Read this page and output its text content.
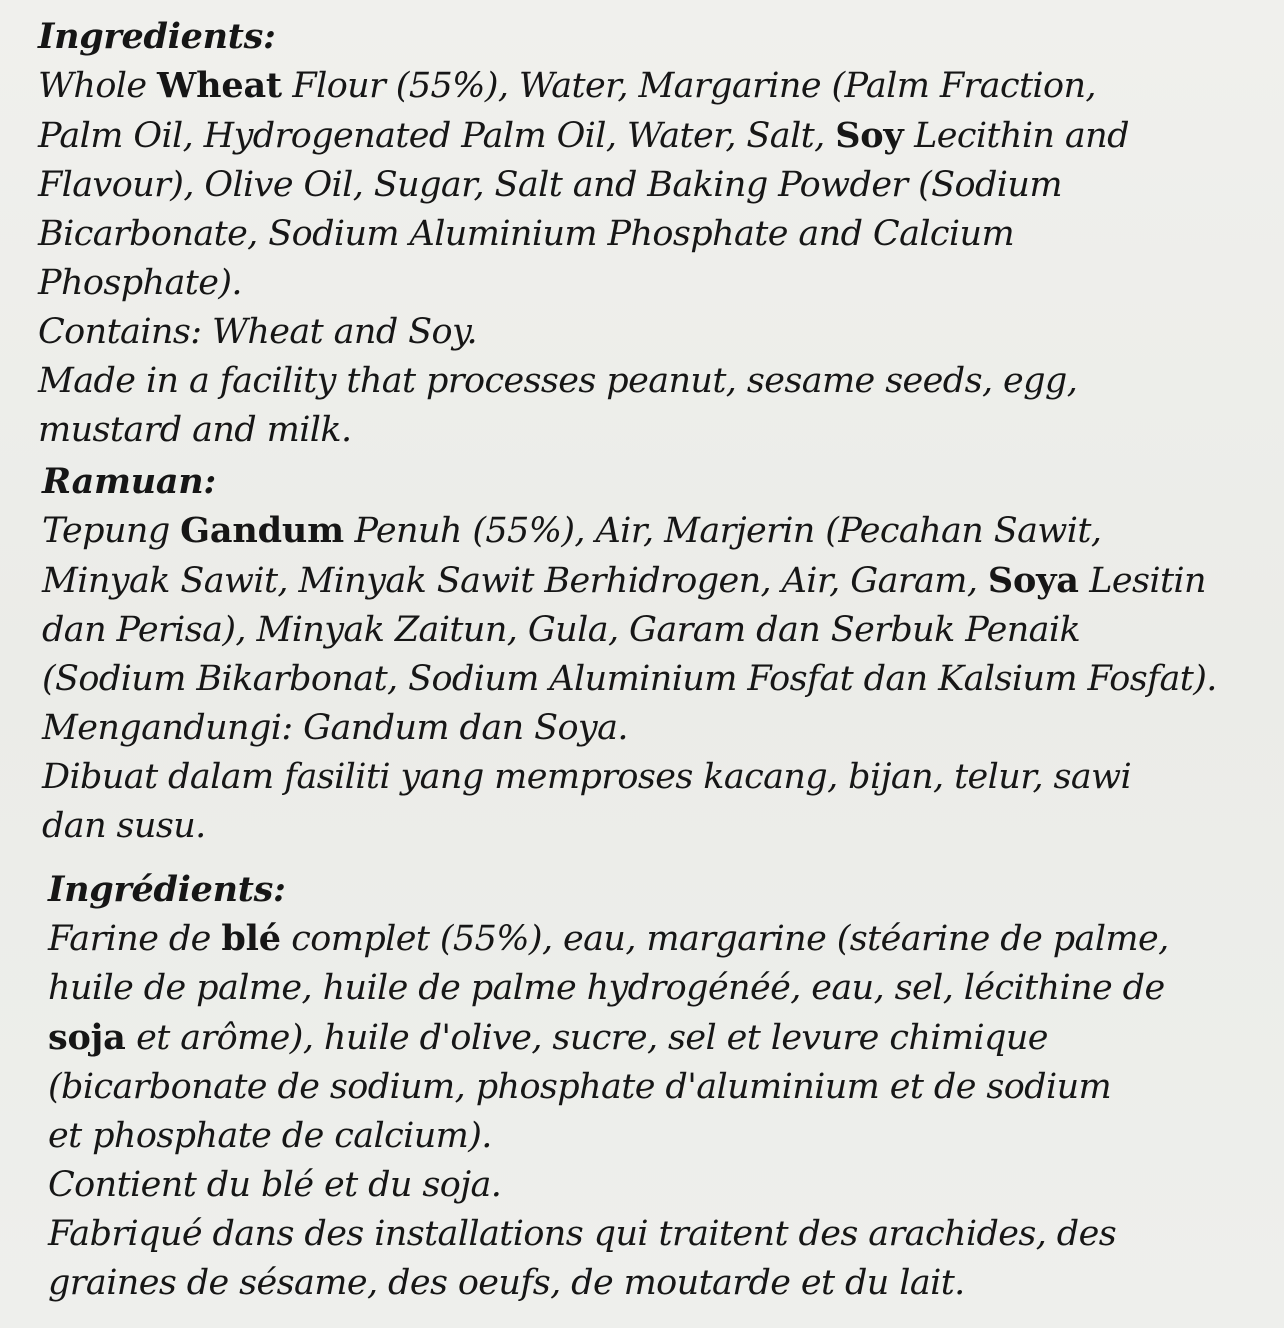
Ingredients:
Whole Wheat Flour (55%), Water, Margarine (Palm Fraction,
Palm Oil, Hydrogenated Palm Oil, Water, Salt, Soy Lecithin and
Flavour), Olive Oil, Sugar, Salt and Baking Powder (Sodium
Bicarbonate, Sodium Aluminium Phosphate and Calcium
Phosphate).
Contains: Wheat and Soy.
Made in a facility that processes peanut, sesame seeds, egg,
mustard and milk.
Ramuan:
Tepung Gandum Penuh (55%), Air, Marjerin (Pecahan Sawit,
Minyak Sawit, Minyak Sawit Berhidrogen, Air, Garam, Soya Lesitin
dan Perisa), Minyak Zaitun, Gula, Garam dan Serbuk Penaik
(Sodium Bikarbonat, Sodium Aluminium Fosfat dan Kalsium Fosfat).
Mengandungi: Gandum dan Soya.
Dibuat dalam fasiliti yang memproses kacang, bijan, telur, sawi
dan susu.
Ingrédients:
Farine de blé complet (55%), eau, margarine (stéarine de palme,
huile de palme, huile de palme hydrogénéé, eau, sel, lécithine de
soja et arôme), huile d'olive, sucre, sel et levure chimique
(bicarbonate de sodium, phosphate d'aluminium et de sodium
et phosphate de calcium).
Contient du blé et du soja.
Fabriqué dans des installations qui traitent des arachides, des
graines de sésame, des oeufs, de moutarde et du lait.
